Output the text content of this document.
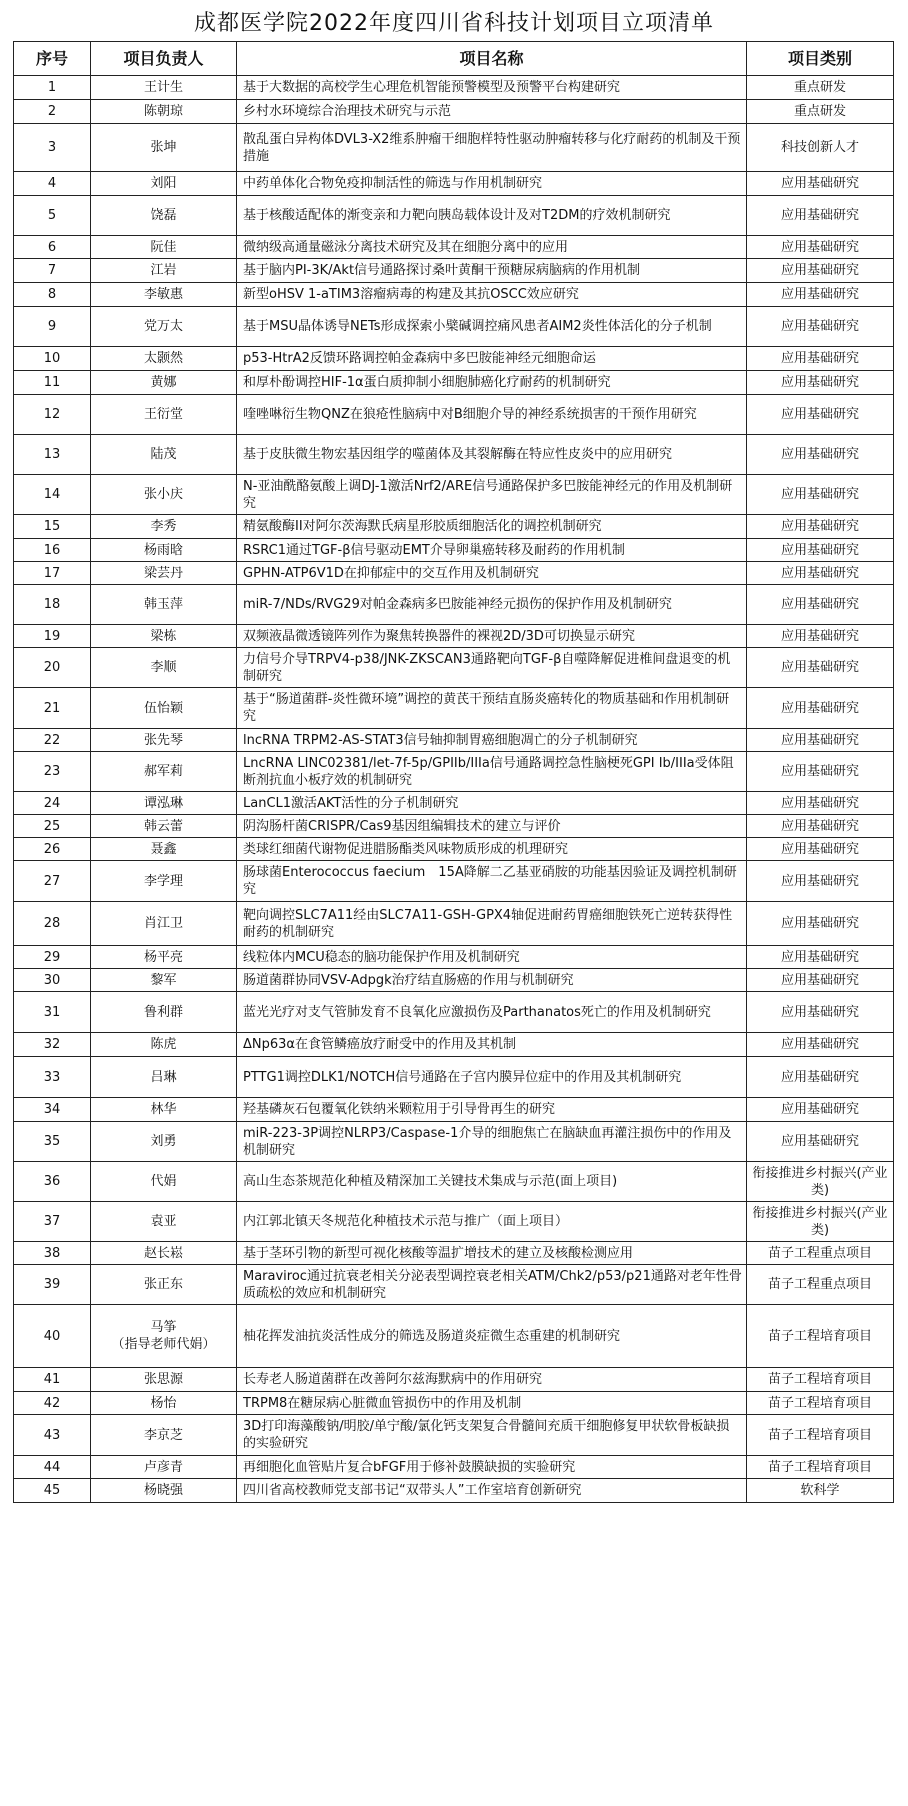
成都医学院2022年度四川省科技计划项目立项清单
序号	项目负责人	项目名称	项目类别
1	王计生	基于大数据的高校学生心理危机智能预警模型及预警平台构建研究	重点研发
2	陈朝琼	乡村水环境综合治理技术研究与示范	重点研发
3	张坤	散乱蛋白异构体DVL3-X2维系肿瘤干细胞样特性驱动肿瘤转移与化疗耐药的机制及干预措施	科技创新人才
4	刘阳	中药单体化合物免疫抑制活性的筛选与作用机制研究	应用基础研究
5	饶磊	基于核酸适配体的渐变亲和力靶向胰岛载体设计及对T2DM的疗效机制研究	应用基础研究
6	阮佳	微纳级高通量磁泳分离技术研究及其在细胞分离中的应用	应用基础研究
7	江岩	基于脑内PI-3K/Akt信号通路探讨桑叶黄酮干预糖尿病脑病的作用机制	应用基础研究
8	李敏惠	新型oHSV 1-aTIM3溶瘤病毒的构建及其抗OSCC效应研究	应用基础研究
9	党万太	基于MSU晶体诱导NETs形成探索小檗碱调控痛风患者AIM2炎性体活化的分子机制	应用基础研究
10	太颢然	p53-HtrA2反馈环路调控帕金森病中多巴胺能神经元细胞命运	应用基础研究
11	黄娜	和厚朴酚调控HIF-1α蛋白质抑制小细胞肺癌化疗耐药的机制研究	应用基础研究
12	王衍堂	喹唑啉衍生物QNZ在狼疮性脑病中对B细胞介导的神经系统损害的干预作用研究	应用基础研究
13	陆茂	基于皮肤微生物宏基因组学的噬菌体及其裂解酶在特应性皮炎中的应用研究	应用基础研究
14	张小庆	N-亚油酰酪氨酸上调DJ-1激活Nrf2/ARE信号通路保护多巴胺能神经元的作用及机制研究	应用基础研究
15	李秀	精氨酸酶II对阿尔茨海默氏病星形胶质细胞活化的调控机制研究	应用基础研究
16	杨雨晗	RSRC1通过TGF-β信号驱动EMT介导卵巢癌转移及耐药的作用机制	应用基础研究
17	梁芸丹	GPHN-ATP6V1D在抑郁症中的交互作用及机制研究	应用基础研究
18	韩玉萍	miR-7/NDs/RVG29对帕金森病多巴胺能神经元损伤的保护作用及机制研究	应用基础研究
19	梁栋	双频液晶微透镜阵列作为聚焦转换器件的裸视2D/3D可切换显示研究	应用基础研究
20	李顺	力信号介导TRPV4-p38/JNK-ZKSCAN3通路靶向TGF-β自噬降解促进椎间盘退变的机制研究	应用基础研究
21	伍怡颖	基于“肠道菌群-炎性微环境”调控的黄芪干预结直肠炎癌转化的物质基础和作用机制研究	应用基础研究
22	张先琴	lncRNA TRPM2-AS-STAT3信号轴抑制胃癌细胞凋亡的分子机制研究	应用基础研究
23	郝军莉	LncRNA LINC02381/let-7f-5p/GPIIb/IIIa信号通路调控急性脑梗死GPI Ib/IIIa受体阻断剂抗血小板疗效的机制研究	应用基础研究
24	谭泓琳	LanCL1激活AKT活性的分子机制研究	应用基础研究
25	韩云蕾	阴沟肠杆菌CRISPR/Cas9基因组编辑技术的建立与评价	应用基础研究
26	聂鑫	类球红细菌代谢物促进腊肠酯类风味物质形成的机理研究	应用基础研究
27	李学理	肠球菌Enterococcus faecium　15A降解二乙基亚硝胺的功能基因验证及调控机制研究	应用基础研究
28	肖江卫	靶向调控SLC7A11经由SLC7A11-GSH-GPX4轴促进耐药胃癌细胞铁死亡逆转获得性耐药的机制研究	应用基础研究
29	杨平亮	线粒体内MCU稳态的脑功能保护作用及机制研究	应用基础研究
30	黎军	肠道菌群协同VSV-Adpgk治疗结直肠癌的作用与机制研究	应用基础研究
31	鲁利群	蓝光光疗对支气管肺发育不良氧化应激损伤及Parthanatos死亡的作用及机制研究	应用基础研究
32	陈虎	ΔNp63α在食管鳞癌放疗耐受中的作用及其机制	应用基础研究
33	吕琳	PTTG1调控DLK1/NOTCH信号通路在子宫内膜异位症中的作用及其机制研究	应用基础研究
34	林华	羟基磷灰石包覆氧化铁纳米颗粒用于引导骨再生的研究	应用基础研究
35	刘勇	miR-223-3P调控NLRP3/Caspase-1介导的细胞焦亡在脑缺血再灌注损伤中的作用及机制研究	应用基础研究
36	代娟	高山生态茶规范化种植及精深加工关键技术集成与示范(面上项目)	衔接推进乡村振兴(产业类)
37	袁亚	内江郭北镇天冬规范化种植技术示范与推广（面上项目）	衔接推进乡村振兴(产业类)
38	赵长崧	基于茎环引物的新型可视化核酸等温扩增技术的建立及核酸检测应用	苗子工程重点项目
39	张正东	Maraviroc通过抗衰老相关分泌表型调控衰老相关ATM/Chk2/p53/p21通路对老年性骨质疏松的效应和机制研究	苗子工程重点项目
40	马筝
（指导老师代娟）	柚花挥发油抗炎活性成分的筛选及肠道炎症微生态重建的机制研究	苗子工程培育项目
41	张思源	长寿老人肠道菌群在改善阿尔兹海默病中的作用研究	苗子工程培育项目
42	杨怡	TRPM8在糖尿病心脏微血管损伤中的作用及机制	苗子工程培育项目
43	李京芝	3D打印海藻酸钠/明胶/单宁酸/氯化钙支架复合骨髓间充质干细胞修复甲状软骨板缺损的实验研究	苗子工程培育项目
44	卢彦青	再细胞化血管贴片复合bFGF用于修补鼓膜缺损的实验研究	苗子工程培育项目
45	杨晓强	四川省高校教师党支部书记“双带头人”工作室培育创新研究	软科学
